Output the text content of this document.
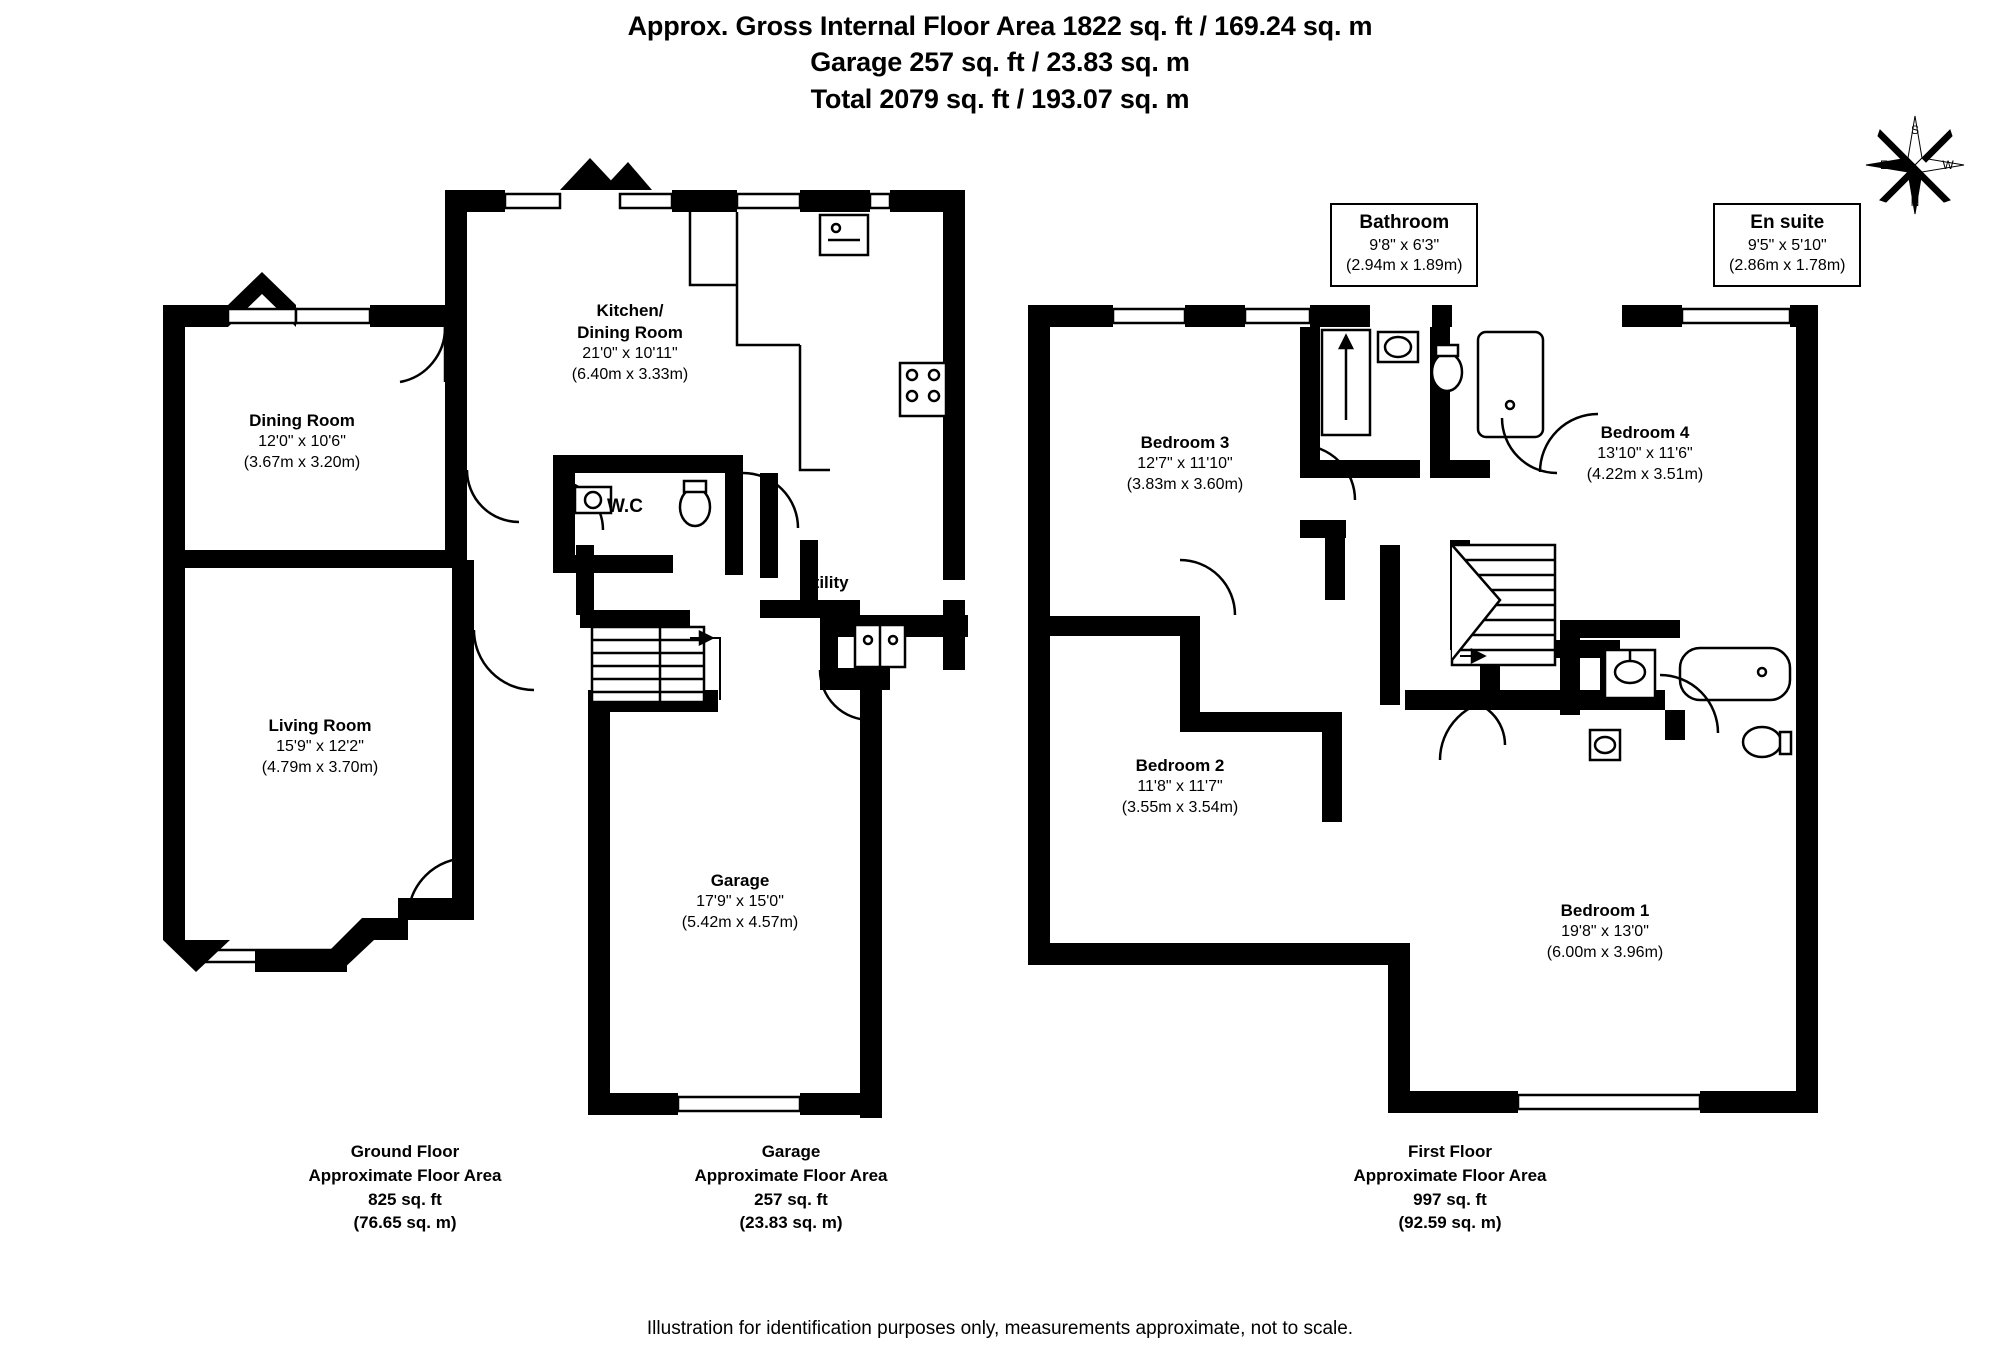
Approx. Gross Internal Floor Area 1822 sq. ft / 169.24 sq. m
Garage 257 sq. ft / 23.83 sq. m
Total 2079 sq. ft / 193.07 sq. m
S
E	W
N
Dining Room
12'0" x 10'6"
(3.67m x 3.20m)
Kitchen/
Dining Room
21'0" x 10'11"
(6.40m x 3.33m)
Living Room
15'9" x 12'2"
(4.79m x 3.70m)
W.C
Utility
Garage
17'9" x 15'0"
(5.42m x 4.57m)
Bedroom 3
12'7" x 11'10"
(3.83m x 3.60m)
Bedroom 4
13'10" x 11'6"
(4.22m x 3.51m)
Bedroom 2
11'8" x 11'7"
(3.55m x 3.54m)
Bedroom 1
19'8" x 13'0"
(6.00m x 3.96m)
Bathroom
9'8" x 6'3"
(2.94m x 1.89m)
En suite
9'5" x 5'10"
(2.86m x 1.78m)
Ground Floor
Approximate Floor Area
825 sq. ft
(76.65 sq. m)
Garage
Approximate Floor Area
257 sq. ft
(23.83 sq. m)
First Floor
Approximate Floor Area
997 sq. ft
(92.59 sq. m)
Illustration for identification purposes only, measurements approximate, not to scale.
